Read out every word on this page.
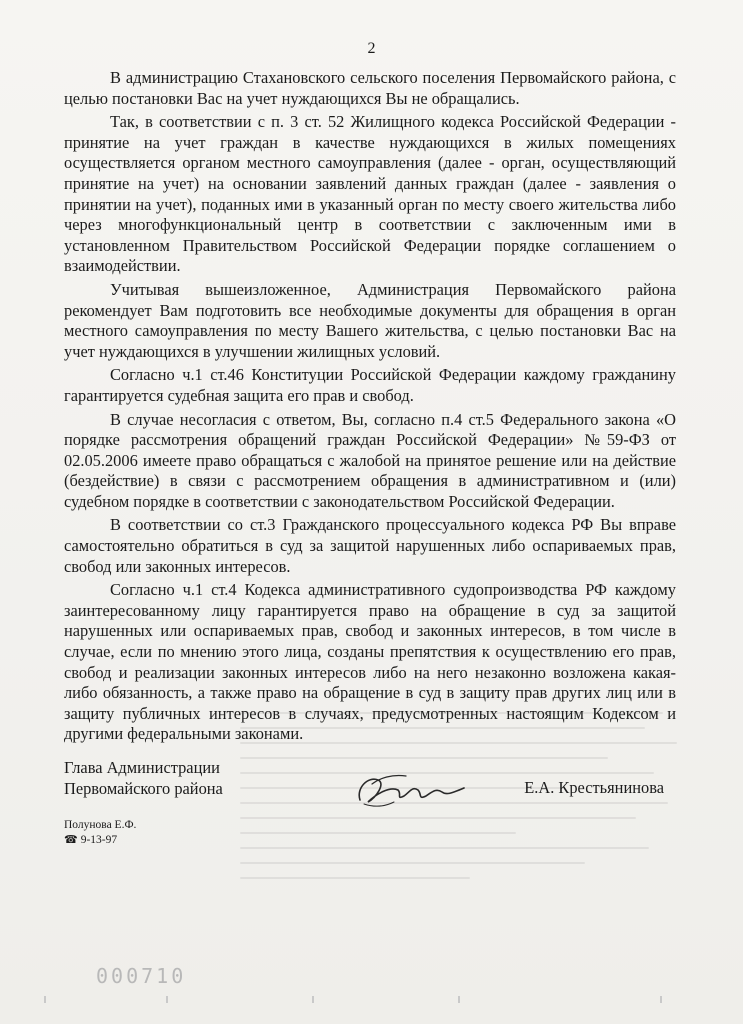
2

В администрацию Стахановского сельского поселения Первомайского района, с целью постановки Вас на учет нуждающихся Вы не обращались.

Так, в соответствии с п. 3 ст. 52 Жилищного кодекса Российской Федерации - принятие на учет граждан в качестве нуждающихся в жилых помещениях осуществляется органом местного самоуправления (далее - орган, осуществляющий принятие на учет) на основании заявлений данных граждан (далее - заявления о принятии на учет), поданных ими в указанный орган по месту своего жительства либо через многофункциональный центр в соответствии с заключенным ими в установленном Правительством Российской Федерации порядке соглашением о взаимодействии.

Учитывая вышеизложенное, Администрация Первомайского района рекомендует Вам подготовить все необходимые документы для обращения в орган местного самоуправления по месту Вашего жительства, с целью постановки Вас на учет нуждающихся в улучшении жилищных условий.

Согласно ч.1 ст.46 Конституции Российской Федерации каждому гражданину гарантируется судебная защита его прав и свобод.

В случае несогласия с ответом, Вы, согласно п.4 ст.5 Федерального закона «О порядке рассмотрения обращений граждан Российской Федерации» №59-ФЗ от 02.05.2006 имеете право обращаться с жалобой на принятое решение или на действие (бездействие) в связи с рассмотрением обращения в административном и (или) судебном порядке в соответствии с законодательством Российской Федерации.

В соответствии со ст.3 Гражданского процессуального кодекса РФ Вы вправе самостоятельно обратиться в суд за защитой нарушенных либо оспариваемых прав, свобод или законных интересов.

Согласно ч.1 ст.4 Кодекса административного судопроизводства РФ каждому заинтересованному лицу гарантируется право на обращение в суд за защитой нарушенных или оспариваемых прав, свобод и законных интересов, в том числе в случае, если по мнению этого лица, созданы препятствия к осуществлению его прав, свобод и реализации законных интересов либо на него незаконно возложена какая-либо обязанность, а также право на обращение в суд в защиту прав других лиц или в защиту публичных интересов в случаях, предусмотренных настоящим Кодексом и другими федеральными законами.

Глава Администрации
Первомайского района	Е.А. Крестьянинова
Полунова Е.Ф.
☎ 9-13-97
000710
